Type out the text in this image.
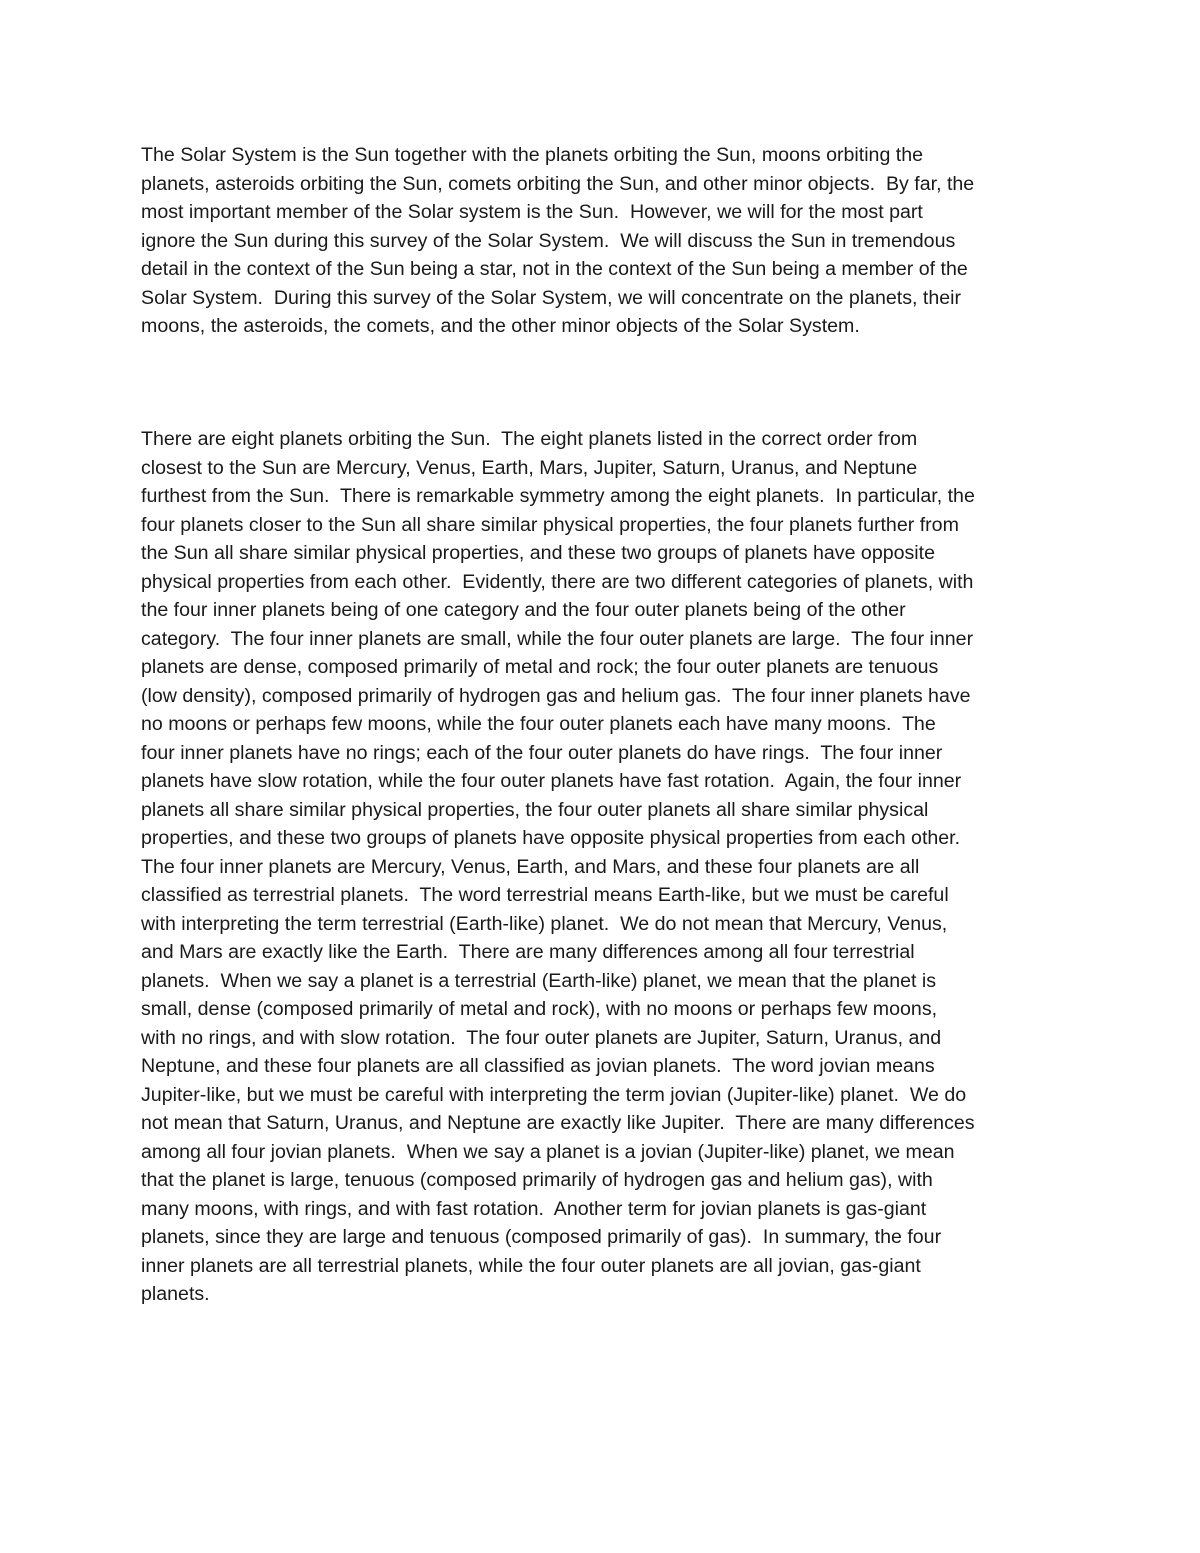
The Solar System is the Sun together with the planets orbiting the Sun, moons orbiting the
planets, asteroids orbiting the Sun, comets orbiting the Sun, and other minor objects.  By far, the
most important member of the Solar system is the Sun.  However, we will for the most part
ignore the Sun during this survey of the Solar System.  We will discuss the Sun in tremendous
detail in the context of the Sun being a star, not in the context of the Sun being a member of the
Solar System.  During this survey of the Solar System, we will concentrate on the planets, their
moons, the asteroids, the comets, and the other minor objects of the Solar System.
There are eight planets orbiting the Sun.  The eight planets listed in the correct order from
closest to the Sun are Mercury, Venus, Earth, Mars, Jupiter, Saturn, Uranus, and Neptune
furthest from the Sun.  There is remarkable symmetry among the eight planets.  In particular, the
four planets closer to the Sun all share similar physical properties, the four planets further from
the Sun all share similar physical properties, and these two groups of planets have opposite
physical properties from each other.  Evidently, there are two different categories of planets, with
the four inner planets being of one category and the four outer planets being of the other
category.  The four inner planets are small, while the four outer planets are large.  The four inner
planets are dense, composed primarily of metal and rock; the four outer planets are tenuous
(low density), composed primarily of hydrogen gas and helium gas.  The four inner planets have
no moons or perhaps few moons, while the four outer planets each have many moons.  The
four inner planets have no rings; each of the four outer planets do have rings.  The four inner
planets have slow rotation, while the four outer planets have fast rotation.  Again, the four inner
planets all share similar physical properties, the four outer planets all share similar physical
properties, and these two groups of planets have opposite physical properties from each other.
The four inner planets are Mercury, Venus, Earth, and Mars, and these four planets are all
classified as terrestrial planets.  The word terrestrial means Earth-like, but we must be careful
with interpreting the term terrestrial (Earth-like) planet.  We do not mean that Mercury, Venus,
and Mars are exactly like the Earth.  There are many differences among all four terrestrial
planets.  When we say a planet is a terrestrial (Earth-like) planet, we mean that the planet is
small, dense (composed primarily of metal and rock), with no moons or perhaps few moons,
with no rings, and with slow rotation.  The four outer planets are Jupiter, Saturn, Uranus, and
Neptune, and these four planets are all classified as jovian planets.  The word jovian means
Jupiter-like, but we must be careful with interpreting the term jovian (Jupiter-like) planet.  We do
not mean that Saturn, Uranus, and Neptune are exactly like Jupiter.  There are many differences
among all four jovian planets.  When we say a planet is a jovian (Jupiter-like) planet, we mean
that the planet is large, tenuous (composed primarily of hydrogen gas and helium gas), with
many moons, with rings, and with fast rotation.  Another term for jovian planets is gas-giant
planets, since they are large and tenuous (composed primarily of gas).  In summary, the four
inner planets are all terrestrial planets, while the four outer planets are all jovian, gas-giant
planets.
